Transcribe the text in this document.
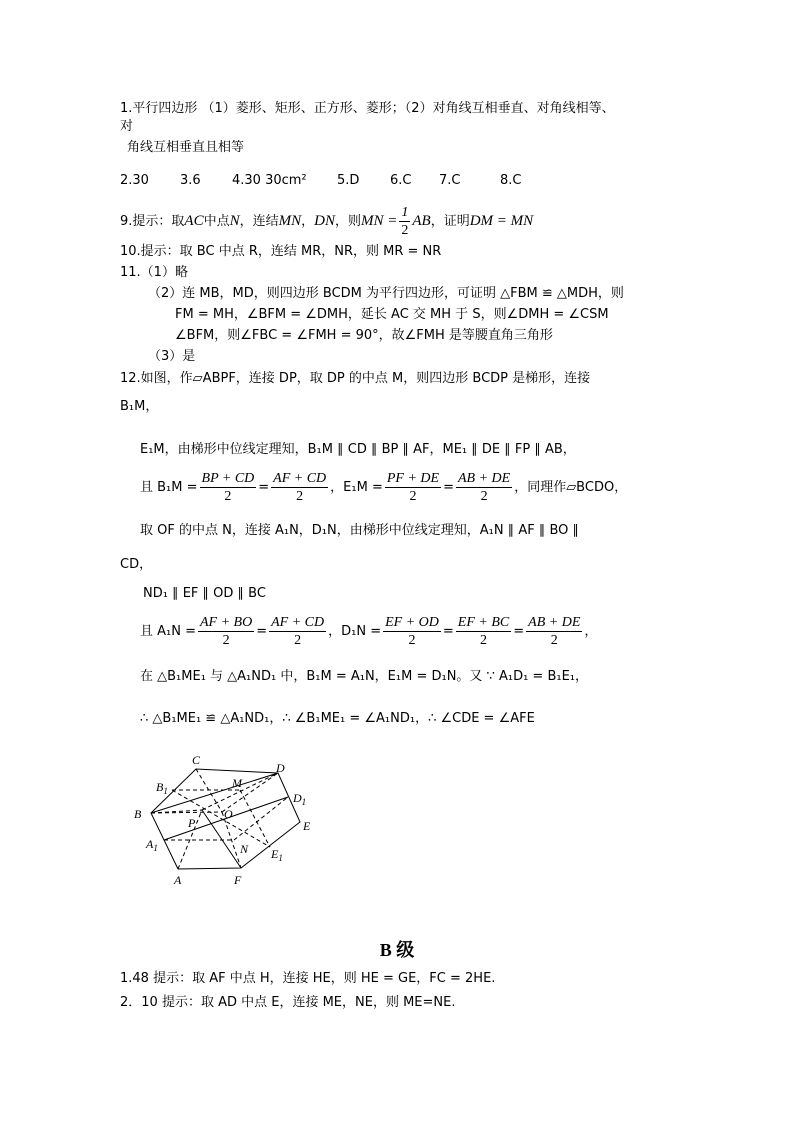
1.平行四边形 （1）菱形、矩形、正方形、菱形；（2）对角线互相垂直、对角线相等、
对
角线互相垂直且相等
2.30 3.6 4.30 30cm² 5.D 6.C 7.C	8.C
9.提示：取AC中点N，连结MN，DN，则MN = $\frac{1}{2}$ AB，证明DM = MN
10.提示：取 BC 中点 R，连结 MR，NR，则 MR = NR
11.（1）略
（2）连 MB，MD，则四边形 BCDM 为平行四边形，可证明 △FBM ≌ △MDH，则
FM = MH，∠BFM = ∠DMH，延长 AC 交 MH 于 S，则∠DMH = ∠CSM
∠BFM，则∠FBC = ∠FMH = 90°，故∠FMH 是等腰直角三角形
（3）是
12.如图，作▱ABPF，连接 DP，取 DP 的中点 M，则四边形 BCDP 是梯形，连接
B₁M，
E₁M，由梯形中位线定理知，B₁M ∥ CD ∥ BP ∥ AF，ME₁ ∥ DE ∥ FP ∥ AB，
且 $B_1M = \frac{BP + CD}{2} = \frac{AF + CD}{2}$ ，$E_1M = \frac{PF + DE}{2} = \frac{AB + DE}{2}$ ，同理作▱BCDO，
取 OF 的中点 N，连接 A₁N，D₁N，由梯形中位线定理知，A₁N ∥ AF ∥ BO ∥
CD，
ND₁ ∥ EF ∥ OD ∥ BC
且 $A_1N = \frac{AF + BO}{2} = \frac{AF + CD}{2}$ ，$D_1N = \frac{EF + OD}{2} = \frac{EF + BC}{2} = \frac{AB + DE}{2}$ ，
在 △B₁ME₁ 与 △A₁ND₁ 中，B₁M = A₁N，E₁M = D₁N。又 ∵ A₁D₁ = B₁E₁，
∴ △B₁ME₁ ≌ △A₁ND₁，∴ ∠B₁ME₁ = ∠A₁ND₁，∴ ∠CDE = ∠AFE
C
D
$B_1$
M
$D_1$
B
P
O
E
$A_1$	N $E_1$
A	F
B 级
1.48 提示：取 AF 中点 H，连接 HE，则 HE = GE，FC = 2HE.
2．10 提示：取 AD 中点 E，连接 ME，NE，则 ME=NE.
